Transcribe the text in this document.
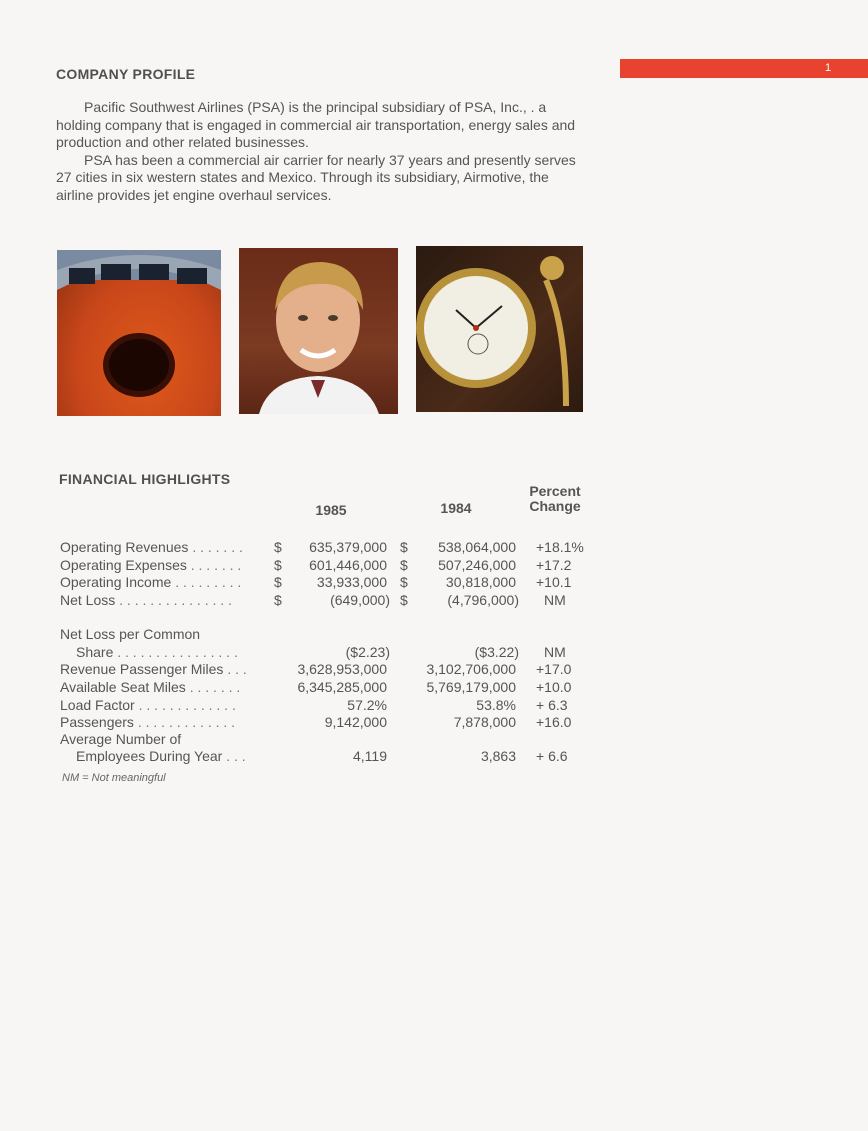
1
COMPANY PROFILE

Pacific Southwest Airlines (PSA) is the principal subsidiary of PSA, Inc., . a holding company that is engaged in commercial air transportation, energy sales and production and other related businesses.

PSA has been a commercial air carrier for nearly 37 years and presently serves 27 cities in six western states and Mexico. Through its subsidiary, Airmotive, the airline provides jet engine overhaul services.

FINANCIAL HIGHLIGHTS
1985	1984
Percent
Change
Operating Revenues . . . . . . . $ 635,379,000 $ 538,064,000 +18.1%
Operating Expenses . . . . . . . $ 601,446,000 $ 507,246,000 +17.2
Operating Income . . . . . . . . . $	33,933,000 $	30,818,000 +10.1
Net Loss . . . . . . . . . . . . . . .	$	(649,000) $	(4,796,000) NM
Net Loss per Common
Share . . . . . . . . . . . . . . . .	($2.23)	($3.22) NM
Revenue Passenger Miles . . .	3,628,953,000	3,102,706,000 +17.0
Available Seat Miles . . . . . . .	6,345,285,000	5,769,179,000 +10.0
Load Factor . . . . . . . . . . . . .	57.2%	53.8% + 6.3
Passengers . . . . . . . . . . . . .	9,142,000	7,878,000 +16.0
Average Number of
Employees During Year . . .	4,119	3,863 + 6.6
NM = Not meaningful
